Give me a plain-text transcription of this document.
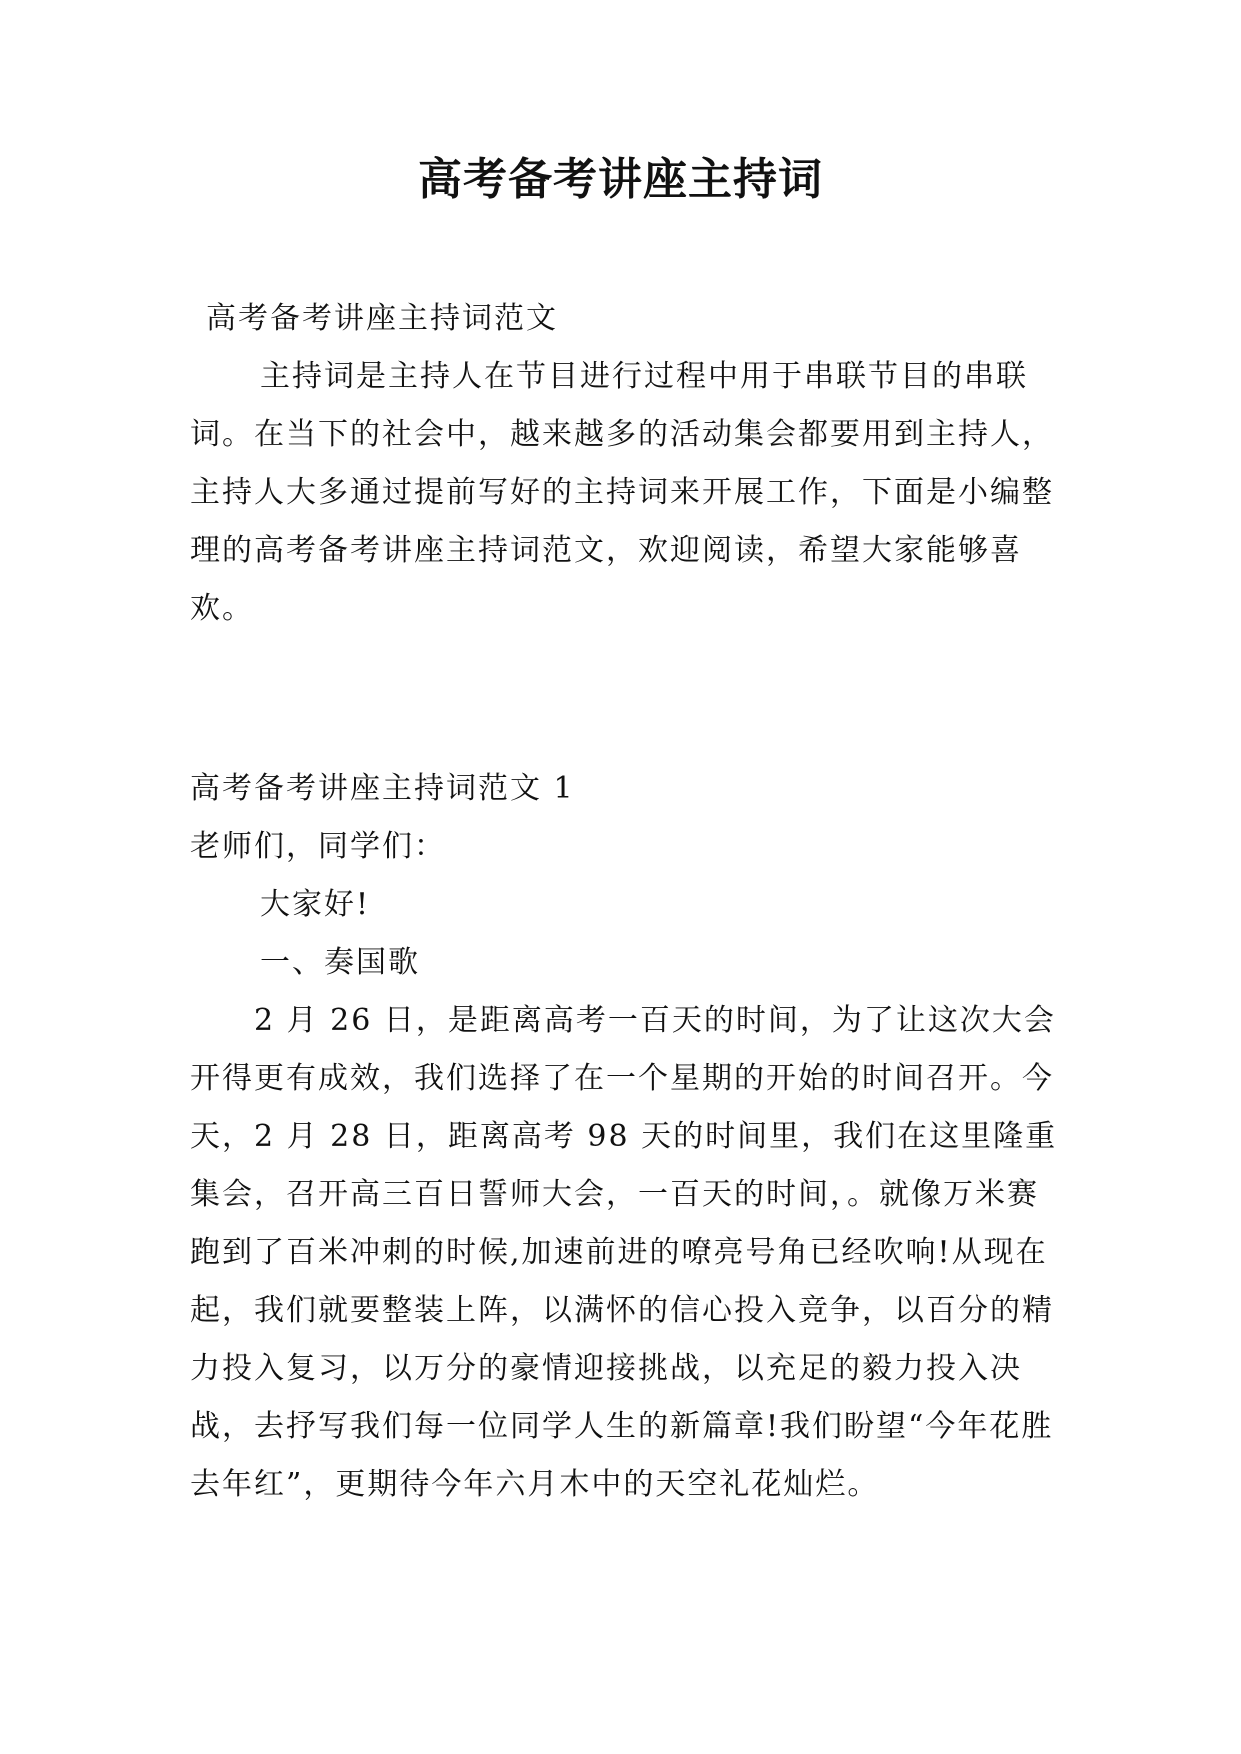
高考备考讲座主持词

高考备考讲座主持词范文

主持词是主持人在节目进行过程中用于串联节目的串联词。在当下的社会中，越来越多的活动集会都要用到主持人，主持人大多通过提前写好的主持词来开展工作，下面是小编整理的高考备考讲座主持词范文，欢迎阅读，希望大家能够喜欢。

高考备考讲座主持词范文 1

老师们，同学们：

大家好!

一、奏国歌

2 月 26 日，是距离高考一百天的时间，为了让这次大会开得更有成效，我们选择了在一个星期的开始的时间召开。今天，2 月 28 日，距离高考 98 天的时间里，我们在这里隆重集会，召开高三百日誓师大会，一百天的时间，。就像万米赛跑到了百米冲刺的时候,加速前进的嘹亮号角已经吹响!从现在起，我们就要整装上阵，以满怀的信心投入竞争，以百分的精力投入复习，以万分的豪情迎接挑战，以充足的毅力投入决战，去抒写我们每一位同学人生的新篇章!我们盼望“今年花胜去年红”，更期待今年六月木中的天空礼花灿烂。
